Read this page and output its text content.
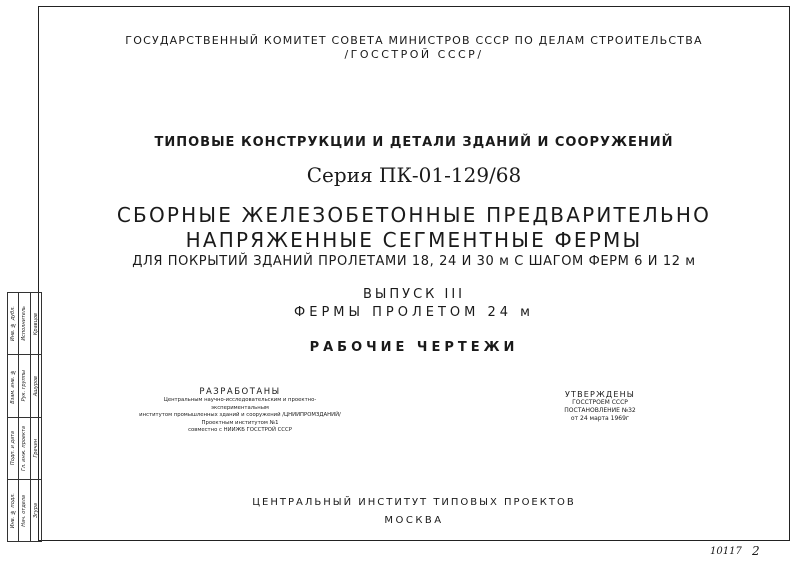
ГОСУДАРСТВЕННЫЙ КОМИТЕТ СОВЕТА МИНИСТРОВ СССР ПО ДЕЛАМ СТРОИТЕЛЬСТВА
/ГОССТРОЙ СССР/
ТИПОВЫЕ КОНСТРУКЦИИ И ДЕТАЛИ ЗДАНИЙ И СООРУЖЕНИЙ
Серия ПК-01-129/68
СБОРНЫЕ ЖЕЛЕЗОБЕТОННЫЕ ПРЕДВАРИТЕЛЬНО
НАПРЯЖЕННЫЕ СЕГМЕНТНЫЕ ФЕРМЫ
ДЛЯ ПОКРЫТИЙ ЗДАНИЙ ПРОЛЕТАМИ 18, 24 И 30 м С ШАГОМ ФЕРМ 6 И 12 м
ВЫПУСК III
ФЕРМЫ ПРОЛЕТОМ 24 м
РАБОЧИЕ ЧЕРТЕЖИ
РАЗРАБОТАНЫ
Центральным научно-исследовательским и проектно-экспериментальным
институтом промышленных зданий и сооружений /ЦНИИПРОМЗДАНИЙ/
Проектным институтом №1
совместно с НИИЖБ ГОССТРОЙ СССР
УТВЕРЖДЕНЫ
ГОССТРОЕМ СССР
ПОСТАНОВЛЕНИЕ №32
от 24 марта 1969г
ЦЕНТРАЛЬНЫЙ ИНСТИТУТ ТИПОВЫХ ПРОЕКТОВ
МОСКВА
Инв. № дубл.
Взам. инв. №
Подп. и дата
Инв. № подл.
Исполнитель
Рук. группы
Гл. инж. проекта
Нач. отдела
Кравцов
Ашуров
Гречин
Згура
10117 2
